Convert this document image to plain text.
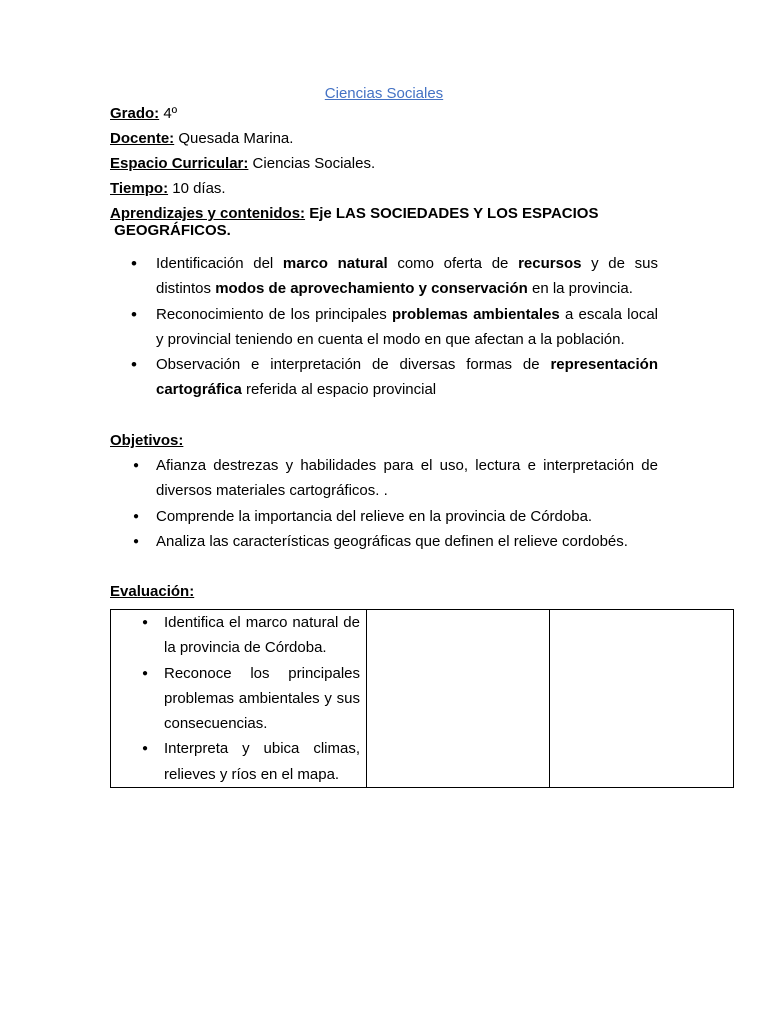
Ciencias Sociales
Grado: 4º
Docente: Quesada Marina.
Espacio Curricular: Ciencias Sociales.
Tiempo: 10 días.
Aprendizajes y contenidos: Eje LAS SOCIEDADES Y LOS ESPACIOS
GEOGRÁFICOS.
• Identificación del marco natural como oferta de recursos y de sus distintos modos de aprovechamiento y conservación en la provincia.
• Reconocimiento de los principales problemas ambientales a escala local y provincial teniendo en cuenta el modo en que afectan a la población.
• Observación e interpretación de diversas formas de representación cartográfica referida al espacio provincial
Objetivos:
● Afianza destrezas y habilidades para el uso, lectura e interpretación de diversos materiales cartográficos. .
● Comprende la importancia del relieve en la provincia de Córdoba.
● Analiza las características geográficas que definen el relieve cordobés.
Evaluación:
● Identifica el marco natural de la provincia de Córdoba.
● Reconoce los principales problemas ambientales y sus consecuencias.
● Interpreta y ubica climas, relieves y ríos en el mapa.
